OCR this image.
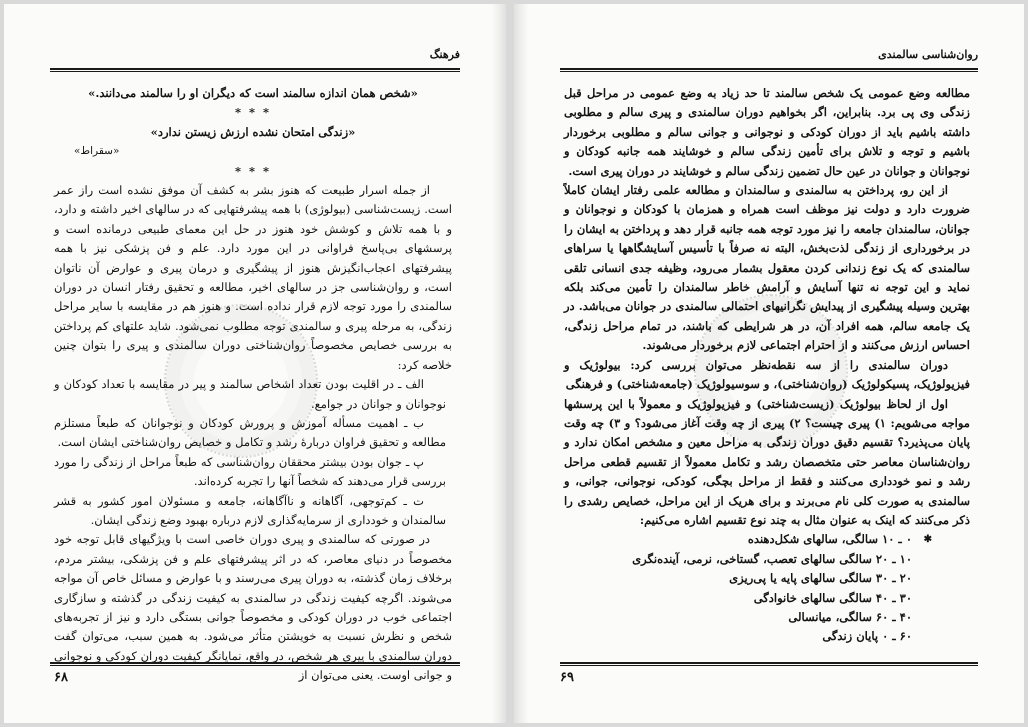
فرهنگ

«شخص همان اندازه سالمند است که دیگران او را سالمند می‌دانند.»

* * *

«زندگی امتحان نشده ارزش زیستن ندارد»

«سقراط»

* * *

از جمله اسرار طبیعت که هنوز بشر به کشف آن موفق نشده است راز عمر است. زیست‌شناسی (بیولوژی) با همه پیشرفتهایی که در سالهای اخیر داشته و دارد، و با همه تلاش و کوشش خود هنوز در حل این معمای طبیعی درمانده است و پرسشهای بی‌پاسخ فراوانی در این مورد دارد. علم و فن پزشکی نیز با همه پیشرفتهای اعجاب‌انگیزش هنوز از پیشگیری و درمان پیری و عوارض آن ناتوان است، و روان‌شناسی جز در سالهای اخیر، مطالعه و تحقیق رفتار انسان در دوران سالمندی را مورد توجه لازم قرار نداده است. و هنوز هم در مقایسه با سایر مراحل زندگی، به مرحله پیری و سالمندی توجه مطلوب نمی‌شود. شاید علتهای کم پرداختن به بررسی خصایص مخصوصاً روان‌شناختی دوران سالمندی و پیری را بتوان چنین خلاصه کرد:

الف ـ در اقلیت بودن تعداد اشخاص سالمند و پیر در مقایسه با تعداد کودکان و نوجوانان و جوانان در جوامع.

ب ـ اهمیت مسأله آموزش و پرورش کودکان و نوجوانان که طبعاً مستلزم مطالعه و تحقیق فراوان دربارهٔ رشد و تکامل و خصایص روان‌شناختی ایشان است.

پ ـ جوان بودن بیشتر محققان روان‌شناسی که طبعاً مراحل از زندگی را مورد بررسی قرار می‌دهند که شخصاً آنها را تجربه کرده‌اند.

ت ـ کم‌توجهی، آگاهانه و ناآگاهانه، جامعه و مسئولان امور کشور به قشر سالمندان و خودداری از سرمایه‌گذاری لازم درباره بهبود وضع زندگی ایشان.

در صورتی که سالمندی و پیری دوران خاصی است با ویژگیهای قابل توجه خود مخصوصاً در دنیای معاصر، که در اثر پیشرفتهای علم و فن پزشکی، بیشتر مردم، برخلاف زمان گذشته، به دوران پیری می‌رسند و با عوارض و مسائل خاص آن مواجه می‌شوند. اگرچه کیفیت زندگی در سالمندی به کیفیت زندگی در گذشته و سازگاری اجتماعی خوب در دوران کودکی و مخصوصاً جوانی بستگی دارد و نیز از تجربه‌های شخص و نظرش نسبت به خویشتن متأثر می‌شود. به همین سبب، می‌توان گفت دوران سالمندی با پیری هر شخص، در واقع، نمایانگر کیفیت دوران کودکی و نوجوانی و جوانی اوست. یعنی می‌توان از

۶۸
روان‌شناسی سالمندی

مطالعه وضع عمومی یک شخص سالمند تا حد زیاد به وضع عمومی در مراحل قبل زندگی وی پی برد. بنابراین، اگر بخواهیم دوران سالمندی و پیری سالم و مطلوبی داشته باشیم باید از دوران کودکی و نوجوانی و جوانی سالم و مطلوبی برخوردار باشیم و توجه و تلاش برای تأمین زندگی سالم و خوشایند همه جانبه کودکان و نوجوانان و جوانان در عین حال تضمین زندگی سالم و خوشایند در دوران پیری است.

از این رو، پرداختن به سالمندی و سالمندان و مطالعه علمی رفتار ایشان کاملاً ضرورت دارد و دولت نیز موظف است همراه و همزمان با کودکان و نوجوانان و جوانان، سالمندان جامعه را نیز مورد توجه همه جانبه قرار دهد و پرداختن به ایشان را در برخورداری از زندگی لذت‌بخش، البته نه صرفاً با تأسیس آسایشگاهها یا سراهای سالمندی که یک نوع زندانی کردن معقول بشمار می‌رود، وظیفه جدی انسانی تلقی نماید و این توجه نه تنها آسایش و آرامش خاطر سالمندان را تأمین می‌کند بلکه بهترین وسیله پیشگیری از پیدایش نگرانیهای احتمالی سالمندی در جوانان می‌باشد. در یک جامعه سالم، همه افراد آن، در هر شرایطی که باشند، در تمام مراحل زندگی، احساس ارزش می‌کنند و از احترام اجتماعی لازم برخوردار می‌شوند.

دوران سالمندی را از سه نقطه‌نظر می‌توان بررسی کرد: بیولوژیک و فیزیولوژیک، پسیکولوژیک (روان‌شناختی)، و سوسیولوژیک (جامعه‌شناختی) و فرهنگی

اول از لحاظ بیولوژیک (زیست‌شناختی) و فیزیولوژیک و معمولاً با این پرسشها مواجه می‌شویم: ۱) پیری چیست؟ ۲) پیری از چه وقت آغاز می‌شود؟ و ۳) چه وقت پایان می‌پذیرد؟ تقسیم دقیق دوران زندگی به مراحل معین و مشخص امکان ندارد و روان‌شناسان معاصر حتی متخصصان رشد و تکامل معمولاً از تقسیم قطعی مراحل رشد و نمو خودداری می‌کنند و فقط از مراحل بچگی، کودکی، نوجوانی، جوانی، و سالمندی به صورت کلی نام می‌برند و برای هریک از این مراحل، خصایص رشدی را ذکر می‌کنند که اینک به عنوان مثال به چند نوع تقسیم اشاره می‌کنیم:

✱
۰ ـ ۱۰ سالگی، سالهای شکل‌دهنده
۱۰ ـ ۲۰ سالگی سالهای تعصب، گستاخی، نرمی، آینده‌نگری
۲۰ ـ ۳۰ سالگی سالهای پایه یا پی‌ریزی
۳۰ ـ ۴۰ سالگی سالهای خانوادگی
۴۰ ـ ۶۰ سالگی، میانسالی
۶۰ ـ ۰ پایان زندگی
۶۹
